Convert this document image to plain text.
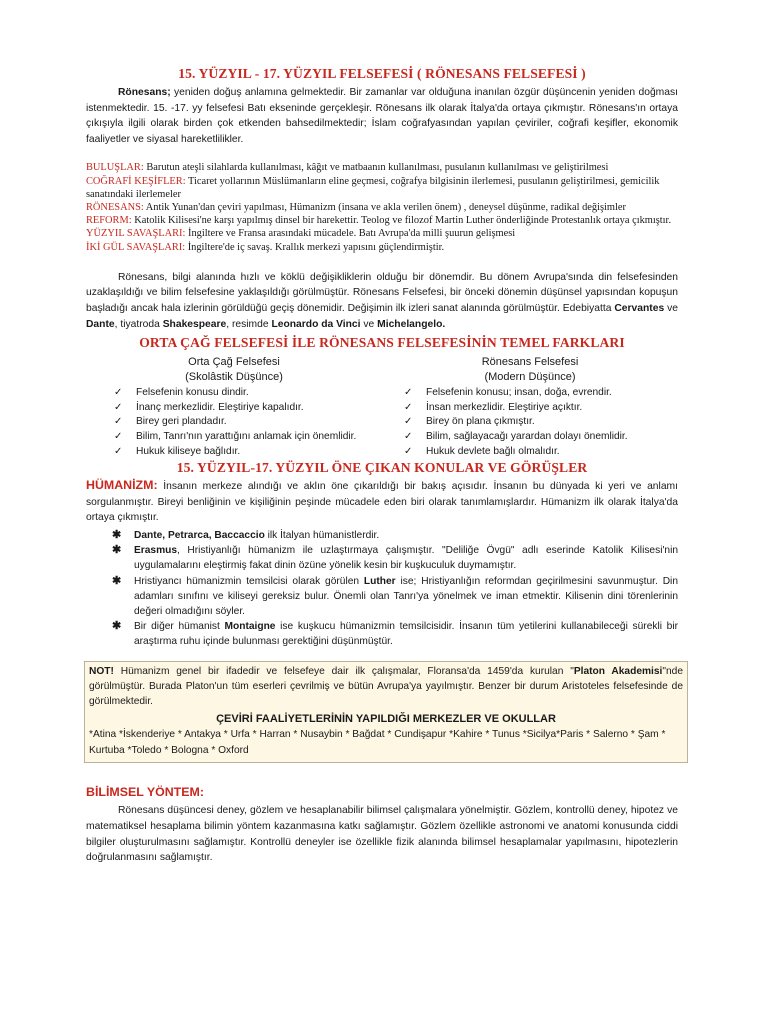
15. YÜZYIL - 17. YÜZYIL FELSEFESİ ( RÖNESANS FELSEFESİ )

Rönesans; yeniden doğuş anlamına gelmektedir. Bir zamanlar var olduğuna inanılan özgür düşüncenin yeniden doğması istenmektedir. 15. -17. yy felsefesi Batı ekseninde gerçekleşir. Rönesans ilk olarak İtalya'da ortaya çıkmıştır. Rönesans'ın ortaya çıkışıyla ilgili olarak birden çok etkenden bahsedilmektedir; İslam coğrafyasından yapılan çeviriler, coğrafi keşifler, ekonomik faaliyetler ve siyasal hareketlilikler.

BULUŞLAR: Barutun ateşli silahlarda kullanılması, kâğıt ve matbaanın kullanılması, pusulanın kullanılması ve geliştirilmesi

COĞRAFİ KEŞİFLER: Ticaret yollarının Müslümanların eline geçmesi, coğrafya bilgisinin ilerlemesi, pusulanın geliştirilmesi, gemicilik sanatındaki ilerlemeler

RÖNESANS: Antik Yunan'dan çeviri yapılması, Hümanizm (insana ve akla verilen önem) , deneysel düşünme, radikal değişimler

REFORM: Katolik Kilisesi'ne karşı yapılmış dinsel bir harekettir. Teolog ve filozof Martin Luther önderliğinde Protestanlık ortaya çıkmıştır.

YÜZYIL SAVAŞLARI: İngiltere ve Fransa arasındaki mücadele. Batı Avrupa'da milli şuurun gelişmesi

İKİ GÜL SAVAŞLARI: İngiltere'de iç savaş. Krallık merkezi yapısını güçlendirmiştir.

Rönesans, bilgi alanında hızlı ve köklü değişikliklerin olduğu bir dönemdir. Bu dönem Avrupa'sında din felsefesinden uzaklaşıldığı ve bilim felsefesine yaklaşıldığı görülmüştür. Rönesans Felsefesi, bir önceki dönemin düşünsel yapısından kopuşun başladığı ancak hala izlerinin görüldüğü geçiş dönemidir. Değişimin ilk izleri sanat alanında görülmüştür. Edebiyatta Cervantes ve Dante, tiyatroda Shakespeare, resimde Leonardo da Vinci ve Michelangelo.

ORTA ÇAĞ FELSEFESİ İLE RÖNESANS FELSEFESİNİN TEMEL FARKLARI
Orta Çağ Felsefesi
(Skolâstik Düşünce)
✓ Felsefenin konusu dindir.
✓ İnanç merkezlidir. Eleştiriye kapalıdır.
✓ Birey geri plandadır.
✓ Bilim, Tanrı'nın yarattığını anlamak için önemlidir.
✓ Hukuk kiliseye bağlıdır.
Rönesans Felsefesi
(Modern Düşünce)
✓ Felsefenin konusu; insan, doğa, evrendir.
✓ İnsan merkezlidir. Eleştiriye açıktır.
✓ Birey ön plana çıkmıştır.
✓ Bilim, sağlayacağı yarardan dolayı önemlidir.
✓ Hukuk devlete bağlı olmalıdır.
15. YÜZYIL-17. YÜZYIL ÖNE ÇIKAN KONULAR VE GÖRÜŞLER

HÜMANİZM: İnsanın merkeze alındığı ve aklın öne çıkarıldığı bir bakış açısıdır. İnsanın bu dünyada ki yeri ve anlamı sorgulanmıştır. Bireyi benliğinin ve kişiliğinin peşinde mücadele eden biri olarak tanımlamışlardır. Hümanizm ilk olarak İtalya'da ortaya çıkmıştır.

✱ Dante, Petrarca, Baccaccio ilk İtalyan hümanistlerdir.
✱ Erasmus, Hristiyanlığı hümanizm ile uzlaştırmaya çalışmıştır. "Deliliğe Övgü" adlı eserinde Katolik Kilisesi'nin uygulamalarını eleştirmiş fakat dinin özüne yönelik kesin bir kuşkuculuk duymamıştır.
✱ Hristiyancı hümanizmin temsilcisi olarak görülen Luther ise; Hristiyanlığın reformdan geçirilmesini savunmuştur. Din adamları sınıfını ve kiliseyi gereksiz bulur. Önemli olan Tanrı'ya yönelmek ve iman etmektir. Kilisenin dini törenlerinin değeri olmadığını söyler.
✱ Bir diğer hümanist Montaigne ise kuşkucu hümanizmin temsilcisidir. İnsanın tüm yetilerini kullanabileceği sürekli bir araştırma ruhu içinde bulunması gerektiğini düşünmüştür.

NOT! Hümanizm genel bir ifadedir ve felsefeye dair ilk çalışmalar, Floransa'da 1459'da kurulan "Platon Akademisi"nde görülmüştür. Burada Platon'un tüm eserleri çevrilmiş ve bütün Avrupa'ya yayılmıştır. Benzer bir durum Aristoteles felsefesinde de görülmektedir.

ÇEVİRİ FAALİYETLERİNİN YAPILDIĞI MERKEZLER VE OKULLAR
*Atina *İskenderiye * Antakya * Urfa * Harran * Nusaybin * Bağdat * Cundişapur *Kahire * Tunus *Sicilya*Paris * Salerno * Şam * Kurtuba *Toledo * Bologna * Oxford
BİLİMSEL YÖNTEM:

Rönesans düşüncesi deney, gözlem ve hesaplanabilir bilimsel çalışmalara yönelmiştir. Gözlem, kontrollü deney, hipotez ve matematiksel hesaplama bilimin yöntem kazanmasına katkı sağlamıştır. Gözlem özellikle astronomi ve anatomi konusunda ciddi bilgiler oluşturulmasını sağlamıştır. Kontrollü deneyler ise özellikle fizik alanında bilimsel hesaplamalar yapılmasını, hipotezlerin doğrulanmasını sağlamıştır.
